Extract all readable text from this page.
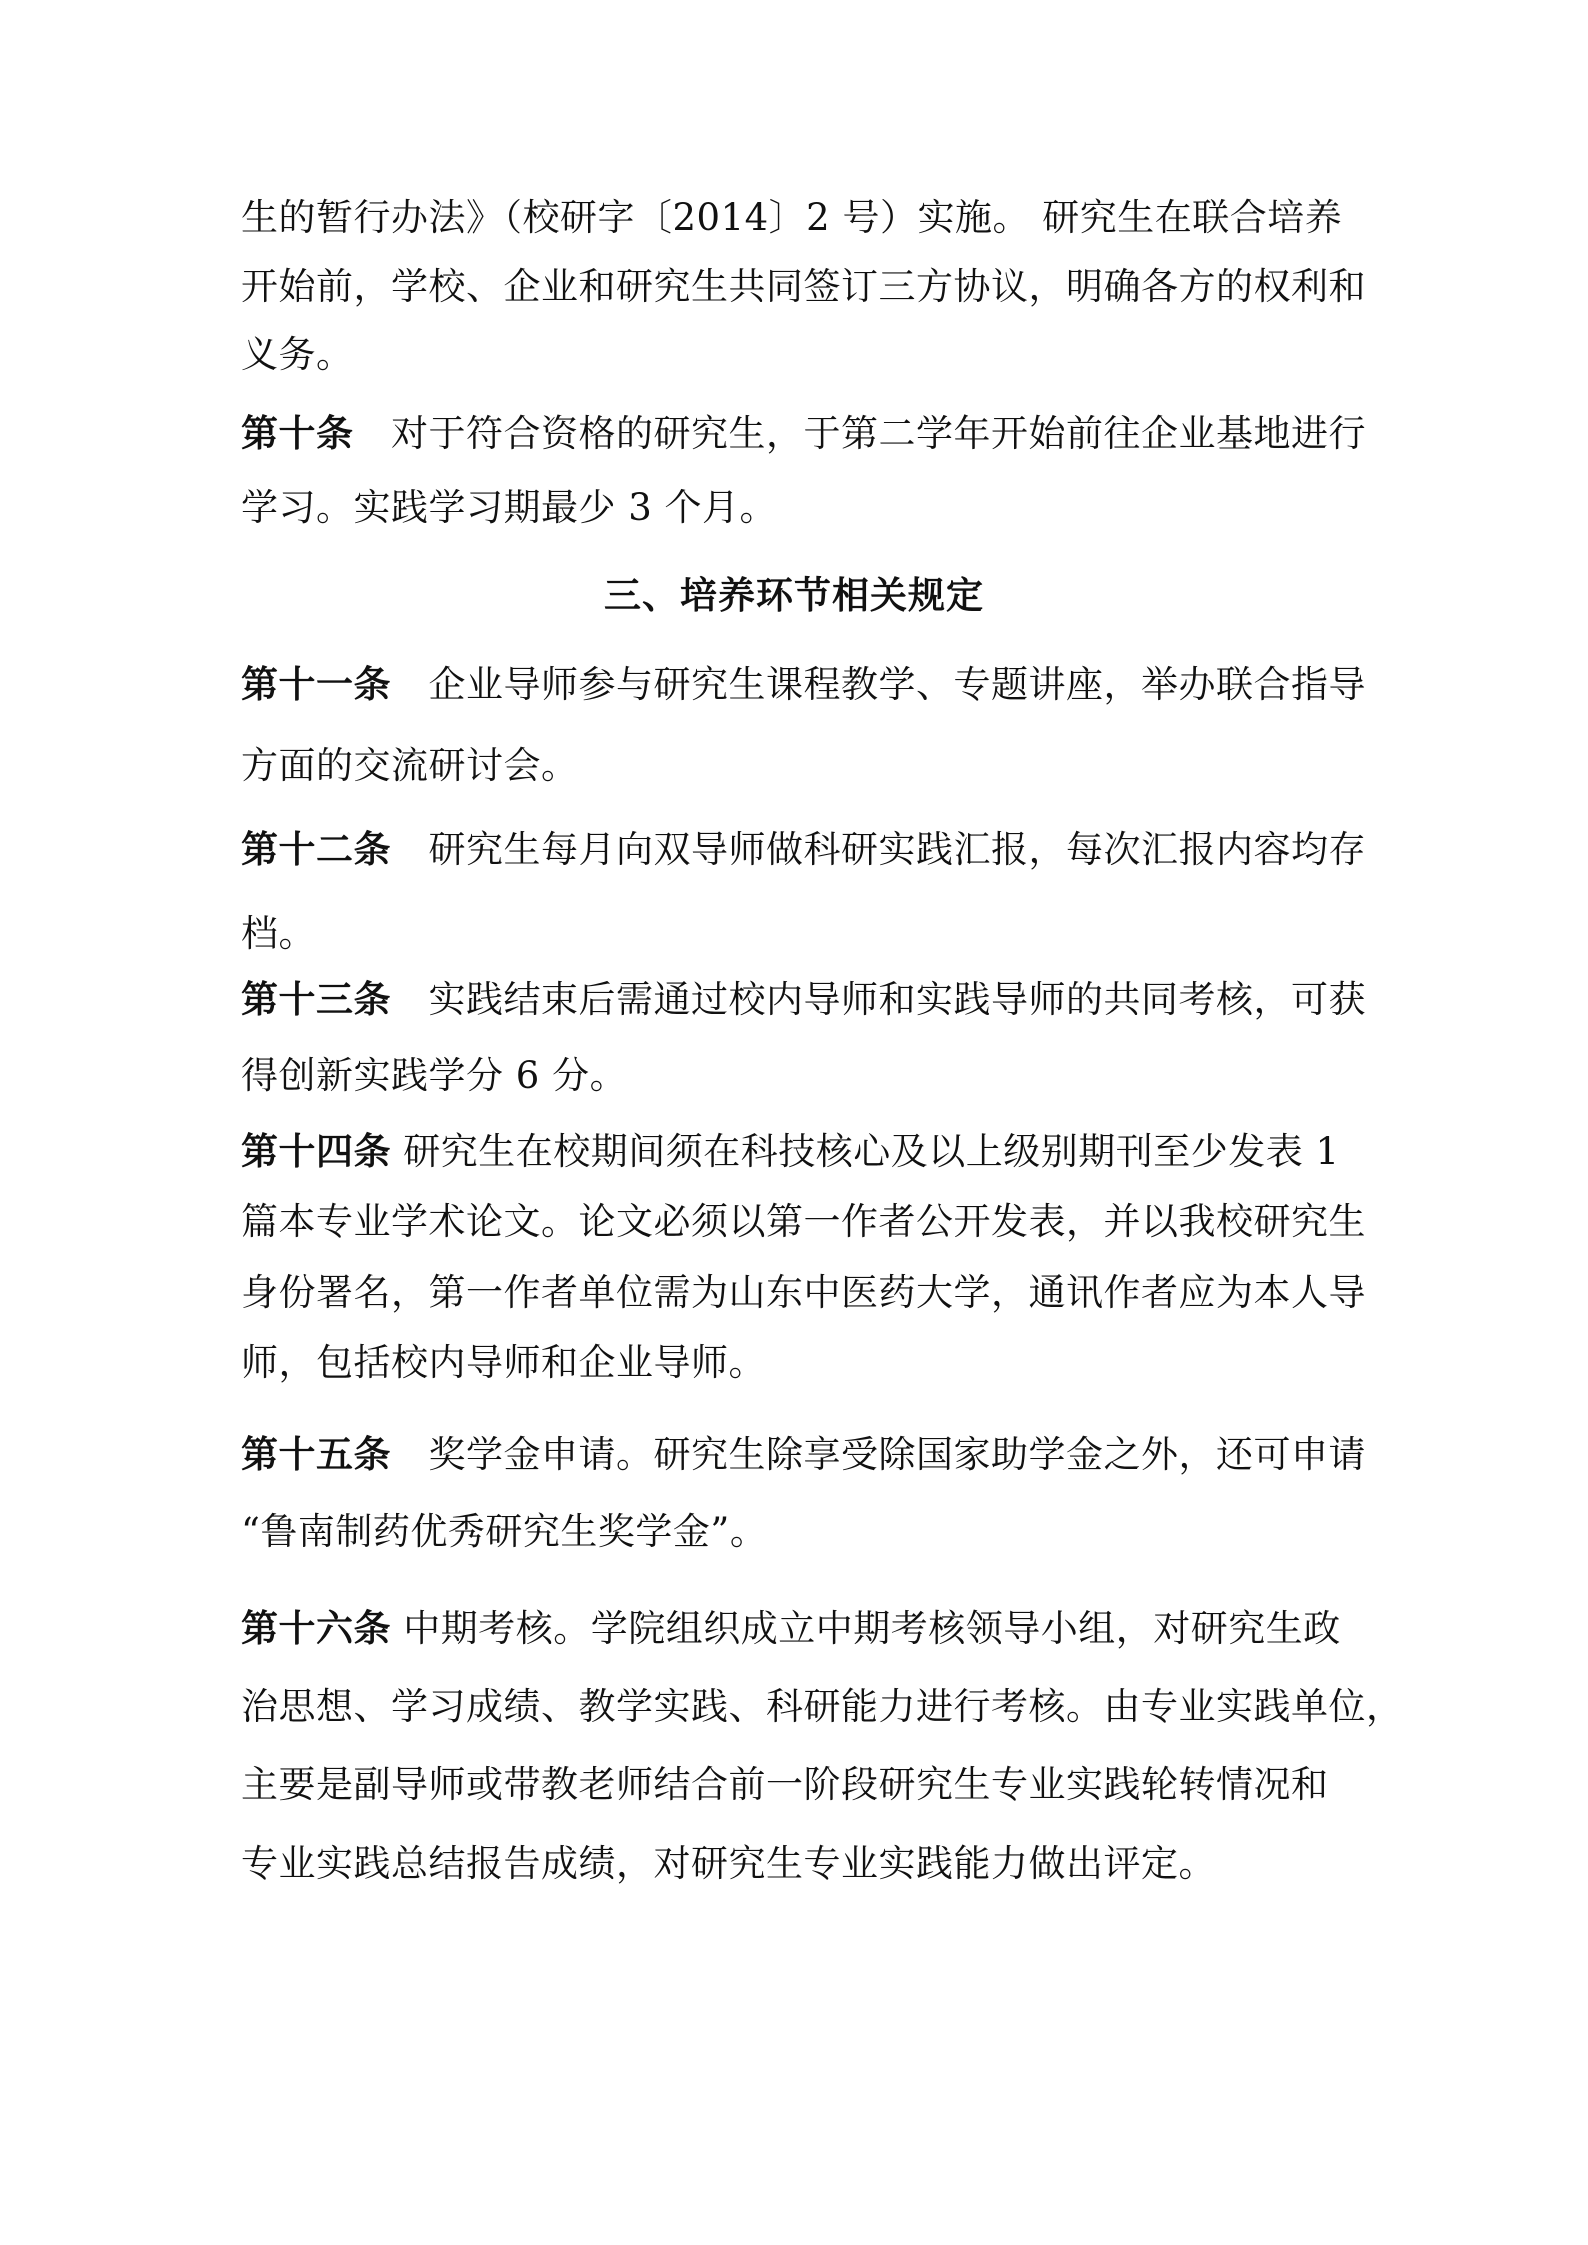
生的暂行办法》（校研字〔2014〕2 号）实施。 研究生在联合培养

开始前，学校、企业和研究生共同签订三方协议，明确各方的权利和

义务。

第十条　对于符合资格的研究生，于第二学年开始前往企业基地进行

学习。实践学习期最少 3 个月。

三、培养环节相关规定

第十一条　企业导师参与研究生课程教学、专题讲座，举办联合指导

方面的交流研讨会。

第十二条　研究生每月向双导师做科研实践汇报，每次汇报内容均存

档。

第十三条　实践结束后需通过校内导师和实践导师的共同考核，可获

得创新实践学分 6 分。

第十四条 研究生在校期间须在科技核心及以上级别期刊至少发表 1

篇本专业学术论文。论文必须以第一作者公开发表，并以我校研究生

身份署名，第一作者单位需为山东中医药大学，通讯作者应为本人导

师，包括校内导师和企业导师。

第十五条　奖学金申请。研究生除享受除国家助学金之外，还可申请

“鲁南制药优秀研究生奖学金”。

第十六条 中期考核。学院组织成立中期考核领导小组，对研究生政

治思想、学习成绩、教学实践、科研能力进行考核。由专业实践单位，

主要是副导师或带教老师结合前一阶段研究生专业实践轮转情况和

专业实践总结报告成绩，对研究生专业实践能力做出评定。
